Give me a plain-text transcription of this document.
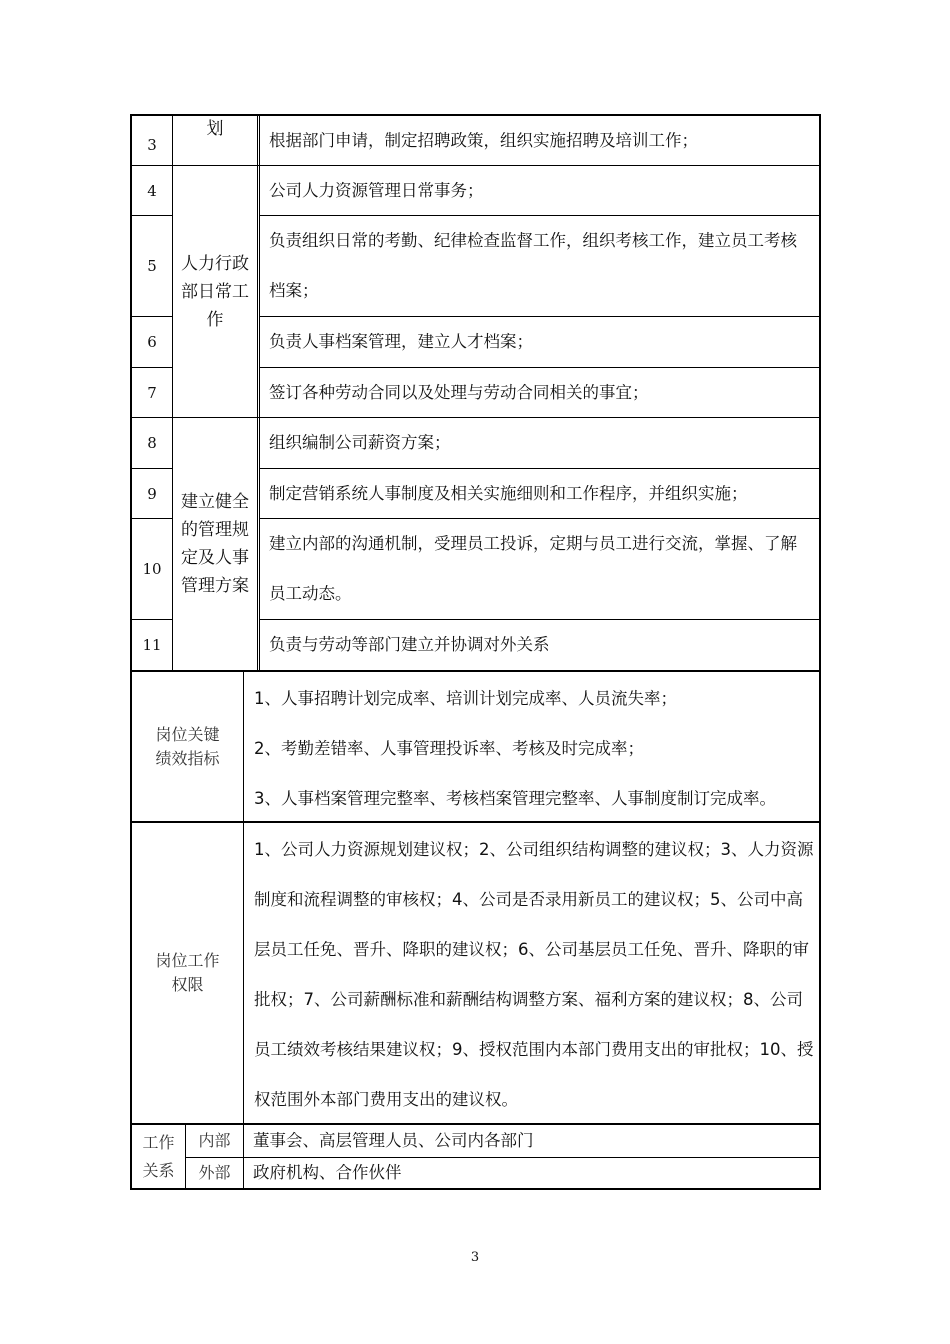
3
4
5
6
7
8
9
10
11
划
人力行政
部日常工
作
建立健全
的管理规
定及人事
管理方案
根据部门申请，制定招聘政策，组织实施招聘及培训工作；
公司人力资源管理日常事务；
负责组织日常的考勤、纪律检查监督工作，组织考核工作，建立员工考核
档案；
负责人事档案管理，建立人才档案；
签订各种劳动合同以及处理与劳动合同相关的事宜；
组织编制公司薪资方案；
制定营销系统人事制度及相关实施细则和工作程序，并组织实施；
建立内部的沟通机制，受理员工投诉，定期与员工进行交流，掌握、了解
员工动态。
负责与劳动等部门建立并协调对外关系
岗位关键
绩效指标
1、人事招聘计划完成率、培训计划完成率、人员流失率；
2、考勤差错率、人事管理投诉率、考核及时完成率；
3、人事档案管理完整率、考核档案管理完整率、人事制度制订完成率。
岗位工作
权限
1、公司人力资源规划建议权；2、公司组织结构调整的建议权；3、人力资源
制度和流程调整的审核权；4、公司是否录用新员工的建议权；5、公司中高
层员工任免、晋升、降职的建议权；6、公司基层员工任免、晋升、降职的审
批权；7、公司薪酬标准和薪酬结构调整方案、福利方案的建议权；8、公司
员工绩效考核结果建议权；9、授权范围内本部门费用支出的审批权；10、授
权范围外本部门费用支出的建议权。
工作
关系
内部
外部
董事会、高层管理人员、公司内各部门
政府机构、合作伙伴
3
